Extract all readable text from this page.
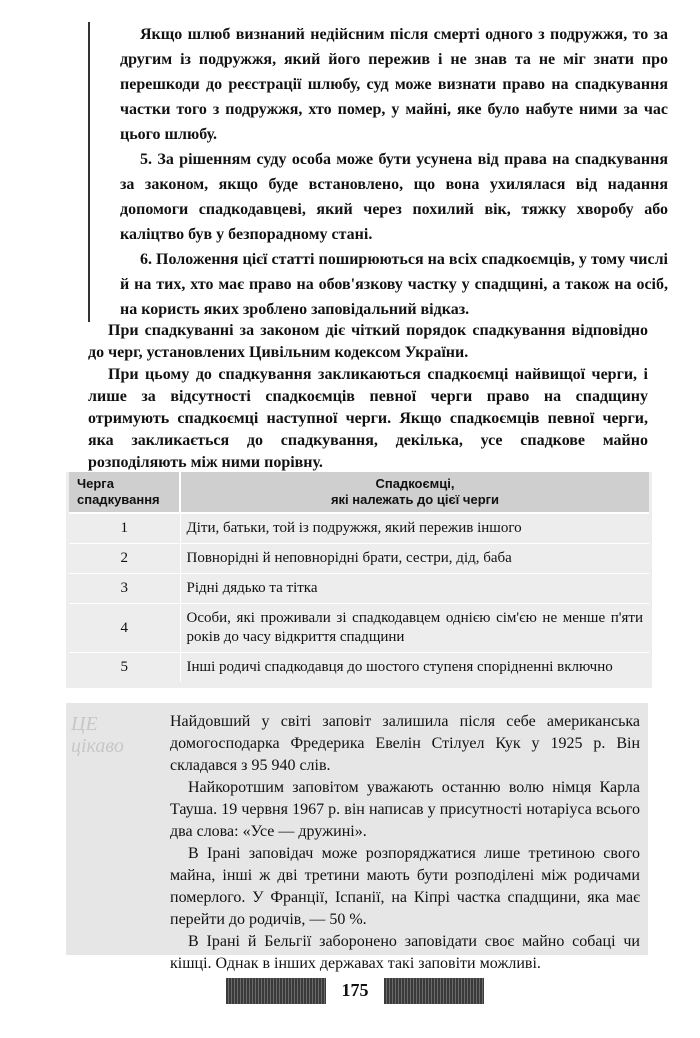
Якщо шлюб визнаний недійсним після смерті одного з подружжя, то за другим із подружжя, який його пережив і не знав та не міг знати про перешкоди до реєстрації шлюбу, суд може визнати право на спадкування частки того з подружжя, хто помер, у майні, яке було набуте ними за час цього шлюбу.

5. За рішенням суду особа може бути усунена від права на спадкування за законом, якщо буде встановлено, що вона ухилялася від надання допомоги спадкодавцеві, який через похилий вік, тяжку хворобу або каліцтво був у безпорадному стані.

6. Положення цієї статті поширюються на всіх спадкоємців, у тому числі й на тих, хто має право на обов'язкову частку у спадщині, а також на осіб, на користь яких зроблено заповідальний відказ.

При спадкуванні за законом діє чіткий порядок спадкування відповідно до черг, установлених Цивільним кодексом України.

При цьому до спадкування закликаються спадкоємці найвищої черги, і лише за відсутності спадкоємців певної черги право на спадщину отримують спадкоємці наступної черги. Якщо спадкоємців певної черги, яка закликається до спадкування, декілька, усе спадкове майно розподіляють між ними порівну.

Черга
спадкування	Спадкоємці,
які належать до цієї черги
1	Діти, батьки, той із подружжя, який пережив іншого
2	Повнорідні й неповнорідні брати, сестри, дід, баба
3	Рідні дядько та тітка
4	Особи, які проживали зі спадкодавцем однією сім'єю не менше п'яти років до часу відкриття спадщини
5	Інші родичі спадкодавця до шостого ступеня спорідненні включно
ЦЕ
цікаво

Найдовший у світі заповіт залишила після себе американська домогосподарка Фредерика Евелін Стілуел Кук у 1925 р. Він складався з 95 940 слів.

Найкоротшим заповітом уважають останню волю німця Карла Тауша. 19 червня 1967 р. він написав у присутності нотаріуса всього два слова: «Усе — дружині».

В Ірані заповідач може розпоряджатися лише третиною свого майна, інші ж дві третини мають бути розподілені між родичами померлого. У Франції, Іспанії, на Кіпрі частка спадщини, яка має перейти до родичів, — 50 %.

В Ірані й Бельгії заборонено заповідати своє майно собаці чи кішці. Однак в інших державах такі заповіти можливі.

175
